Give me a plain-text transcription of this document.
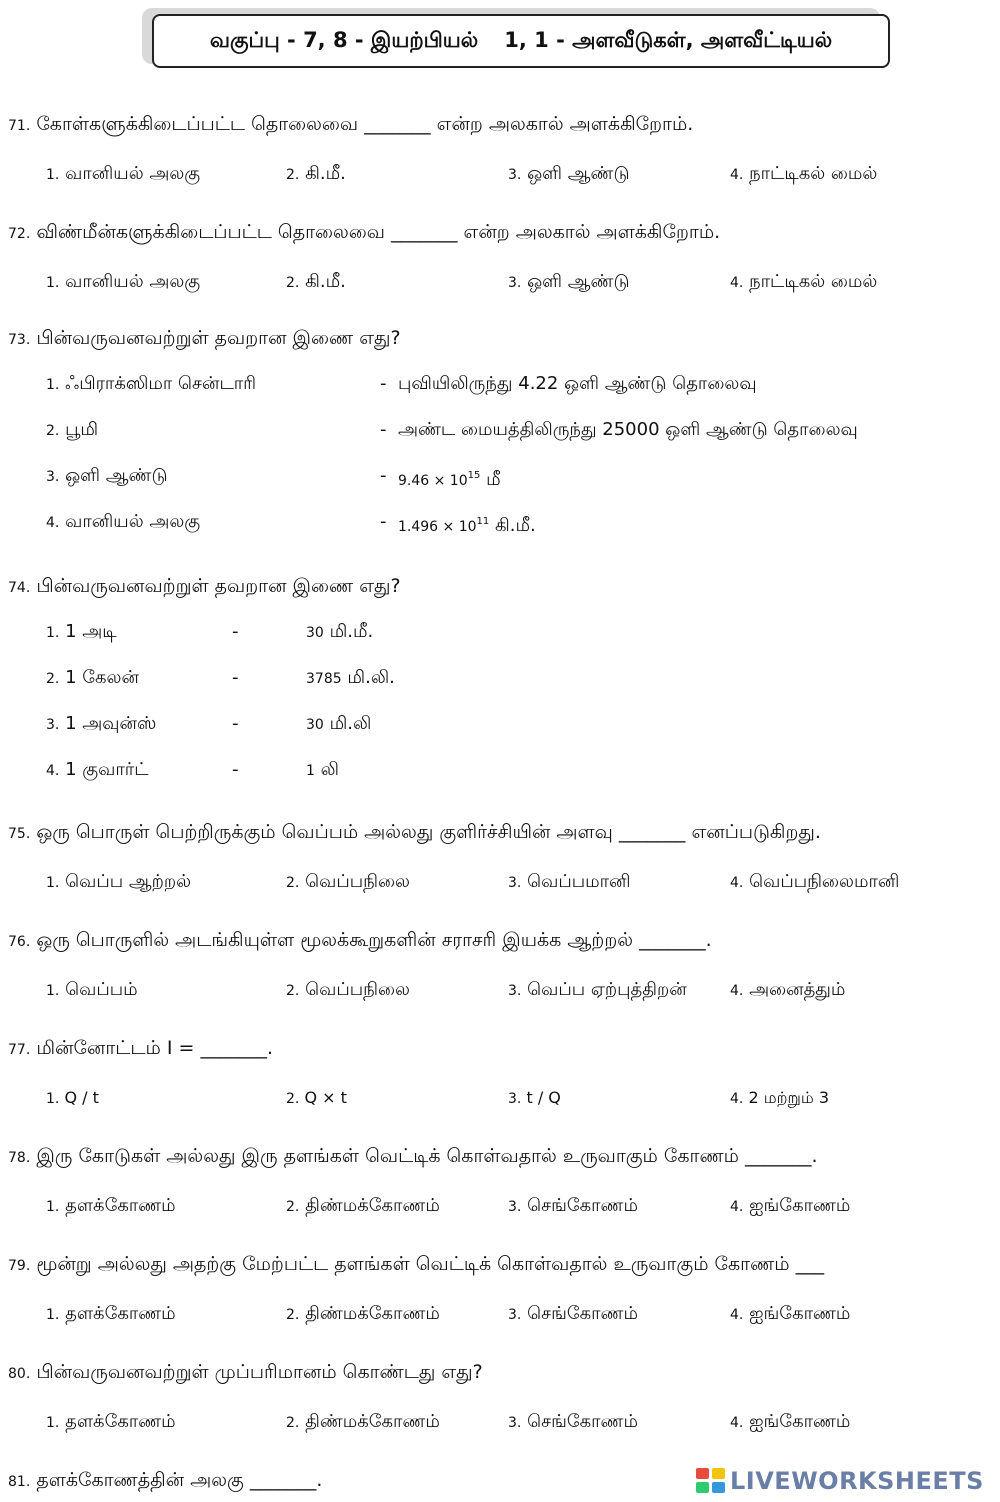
வகுப்பு - 7, 8 - இயற்பியல் 1, 1 - அளவீடுகள், அளவீட்டியல்
71. கோள்களுக்கிடைப்பட்ட தொலைவை _______ என்ற அலகால் அளக்கிறோம்.
1. வானியல் அலகு	2. கி.மீ.	3. ஒளி ஆண்டு	4. நாட்டிகல் மைல்
72. விண்மீன்களுக்கிடைப்பட்ட தொலைவை _______ என்ற அலகால் அளக்கிறோம்.
1. வானியல் அலகு	2. கி.மீ.	3. ஒளி ஆண்டு	4. நாட்டிகல் மைல்
73. பின்வருவனவற்றுள் தவறான இணை எது?
1. ஃபிராக்ஸிமா சென்டாரி	- புவியிலிருந்து 4.22 ஒளி ஆண்டு தொலைவு
2. பூமி	- அண்ட மையத்திலிருந்து 25000 ஒளி ஆண்டு தொலைவு
3. ஒளி ஆண்டு	- $9.46 \times 10^{15}$ மீ
4. வானியல் அலகு	- $1.496 \times 10^{11}$ கி.மீ.
74. பின்வருவனவற்றுள் தவறான இணை எது?
1. 1 அடி	-	30 மி.மீ.
2. 1 கேலன்	-	3785 மி.லி.
3. 1 அவுன்ஸ்	-	30 மி.லி
4. 1 குவார்ட்	-	1 லி
75. ஒரு பொருள் பெற்றிருக்கும் வெப்பம் அல்லது குளிர்ச்சியின் அளவு _______ எனப்படுகிறது.
1. வெப்ப ஆற்றல்	2. வெப்பநிலை	3. வெப்பமானி	4. வெப்பநிலைமானி
76. ஒரு பொருளில் அடங்கியுள்ள மூலக்கூறுகளின் சராசரி இயக்க ஆற்றல் _______.
1. வெப்பம்	2. வெப்பநிலை	3. வெப்ப ஏற்புத்திறன்	4. அனைத்தும்
77. மின்னோட்டம் I = _______.
1. Q / t	2. Q × t	3. t / Q	4. 2 மற்றும் 3
78. இரு கோடுகள் அல்லது இரு தளங்கள் வெட்டிக் கொள்வதால் உருவாகும் கோணம் _______.
1. தளக்கோணம்	2. திண்மக்கோணம்	3. செங்கோணம்	4. ஐங்கோணம்
79. மூன்று அல்லது அதற்கு மேற்பட்ட தளங்கள் வெட்டிக் கொள்வதால் உருவாகும் கோணம் ___
1. தளக்கோணம்	2. திண்மக்கோணம்	3. செங்கோணம்	4. ஐங்கோணம்
80. பின்வருவனவற்றுள் முப்பரிமானம் கொண்டது எது?
1. தளக்கோணம்	2. திண்மக்கோணம்	3. செங்கோணம்	4. ஐங்கோணம்
81. தளக்கோணத்தின் அலகு _______.	LIVEWORKSHEETS
